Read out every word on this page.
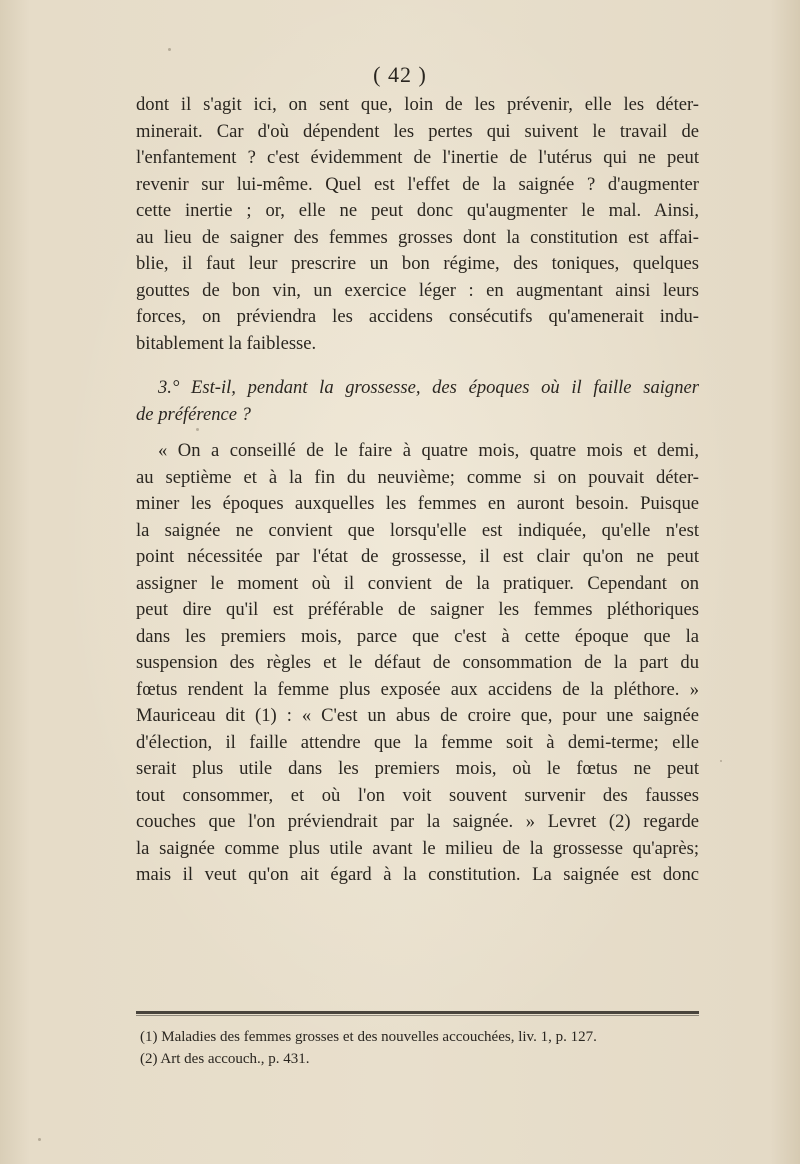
( 42 )
dont il s'agit ici, on sent que, loin de les prévenir, elle les déter-
minerait. Car d'où dépendent les pertes qui suivent le travail de
l'enfantement ? c'est évidemment de l'inertie de l'utérus qui ne peut
revenir sur lui-même. Quel est l'effet de la saignée ? d'augmenter
cette inertie ; or, elle ne peut donc qu'augmenter le mal. Ainsi,
au lieu de saigner des femmes grosses dont la constitution est affai-
blie, il faut leur prescrire un bon régime, des toniques, quelques
gouttes de bon vin, un exercice léger : en augmentant ainsi leurs
forces, on préviendra les accidens consécutifs qu'amenerait indu-
bitablement la faiblesse.
3.° Est-il, pendant la grossesse, des époques où il faille saigner
de préférence ?
« On a conseillé de le faire à quatre mois, quatre mois et demi,
au septième et à la fin du neuvième; comme si on pouvait déter-
miner les époques auxquelles les femmes en auront besoin. Puisque
la saignée ne convient que lorsqu'elle est indiquée, qu'elle n'est
point nécessitée par l'état de grossesse, il est clair qu'on ne peut
assigner le moment où il convient de la pratiquer. Cependant on
peut dire qu'il est préférable de saigner les femmes pléthoriques
dans les premiers mois, parce que c'est à cette époque que la
suspension des règles et le défaut de consommation de la part du
fœtus rendent la femme plus exposée aux accidens de la pléthore. »
Mauriceau dit (1) : « C'est un abus de croire que, pour une saignée
d'élection, il faille attendre que la femme soit à demi-terme; elle
serait plus utile dans les premiers mois, où le fœtus ne peut
tout consommer, et où l'on voit souvent survenir des fausses
couches que l'on préviendrait par la saignée. » Levret (2) regarde
la saignée comme plus utile avant le milieu de la grossesse qu'après;
mais il veut qu'on ait égard à la constitution. La saignée est donc
(1) Maladies des femmes grosses et des nouvelles accouchées, liv. 1, p. 127.
(2) Art des accouch., p. 431.
